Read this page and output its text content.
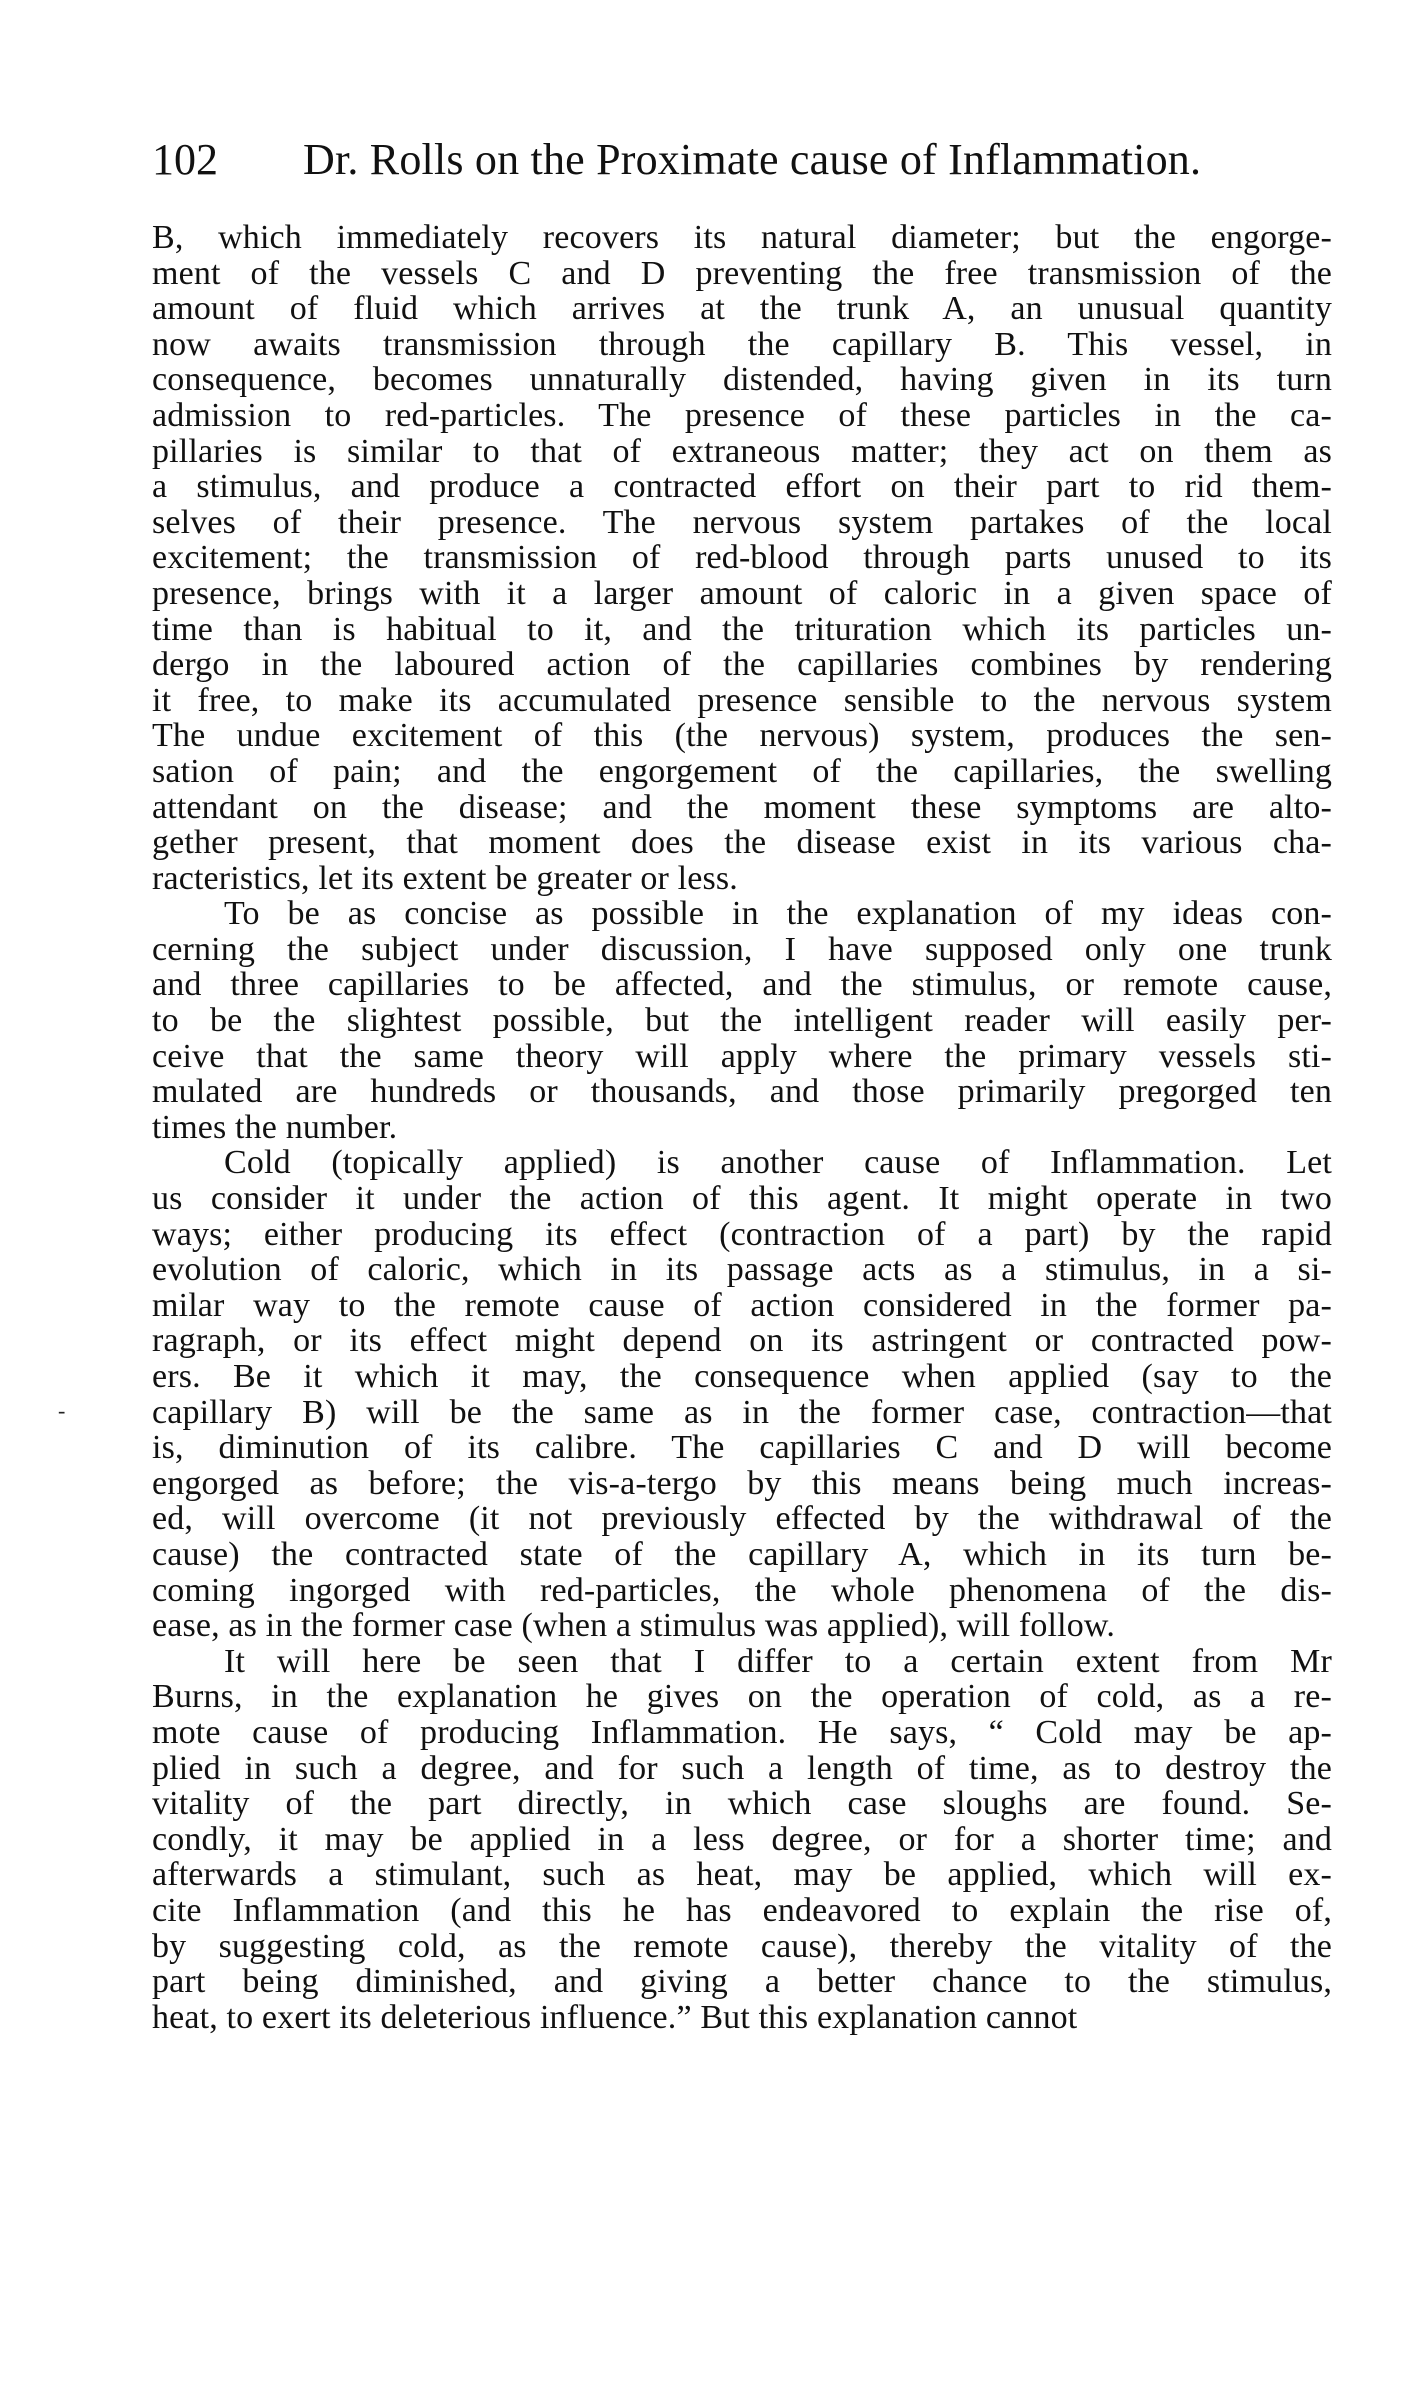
102 Dr. Rolls on the Proximate cause of Inflammation.
-
B, which immediately recovers its natural diameter; but the engorge-
ment of the vessels C and D preventing the free transmission of the
amount of fluid which arrives at the trunk A, an unusual quantity
now awaits transmission through the capillary B. This vessel, in
consequence, becomes unnaturally distended, having given in its turn
admission to red-particles. The presence of these particles in the ca-
pillaries is similar to that of extraneous matter; they act on them as
a stimulus, and produce a contracted effort on their part to rid them-
selves of their presence. The nervous system partakes of the local
excitement; the transmission of red-blood through parts unused to its
presence, brings with it a larger amount of caloric in a given space of
time than is habitual to it, and the trituration which its particles un-
dergo in the laboured action of the capillaries combines by rendering
it free, to make its accumulated presence sensible to the nervous system
The undue excitement of this (the nervous) system, produces the sen-
sation of pain; and the engorgement of the capillaries, the swelling
attendant on the disease; and the moment these symptoms are alto-
gether present, that moment does the disease exist in its various cha-
racteristics, let its extent be greater or less.
To be as concise as possible in the explanation of my ideas con-
cerning the subject under discussion, I have supposed only one trunk
and three capillaries to be affected, and the stimulus, or remote cause,
to be the slightest possible, but the intelligent reader will easily per-
ceive that the same theory will apply where the primary vessels sti-
mulated are hundreds or thousands, and those primarily pregorged ten
times the number.
Cold (topically applied) is another cause of Inflammation. Let
us consider it under the action of this agent. It might operate in two
ways; either producing its effect (contraction of a part) by the rapid
evolution of caloric, which in its passage acts as a stimulus, in a si-
milar way to the remote cause of action considered in the former pa-
ragraph, or its effect might depend on its astringent or contracted pow-
ers. Be it which it may, the consequence when applied (say to the
capillary B) will be the same as in the former case, contraction—that
is, diminution of its calibre. The capillaries C and D will become
engorged as before; the vis-a-tergo by this means being much increas-
ed, will overcome (it not previously effected by the withdrawal of the
cause) the contracted state of the capillary A, which in its turn be-
coming ingorged with red-particles, the whole phenomena of the dis-
ease, as in the former case (when a stimulus was applied), will follow.
It will here be seen that I differ to a certain extent from Mr
Burns, in the explanation he gives on the operation of cold, as a re-
mote cause of producing Inflammation. He says, “ Cold may be ap-
plied in such a degree, and for such a length of time, as to destroy the
vitality of the part directly, in which case sloughs are found. Se-
condly, it may be applied in a less degree, or for a shorter time; and
afterwards a stimulant, such as heat, may be applied, which will ex-
cite Inflammation (and this he has endeavored to explain the rise of,
by suggesting cold, as the remote cause), thereby the vitality of the
part being diminished, and giving a better chance to the stimulus,
heat, to exert its deleterious influence.” But this explanation cannot
